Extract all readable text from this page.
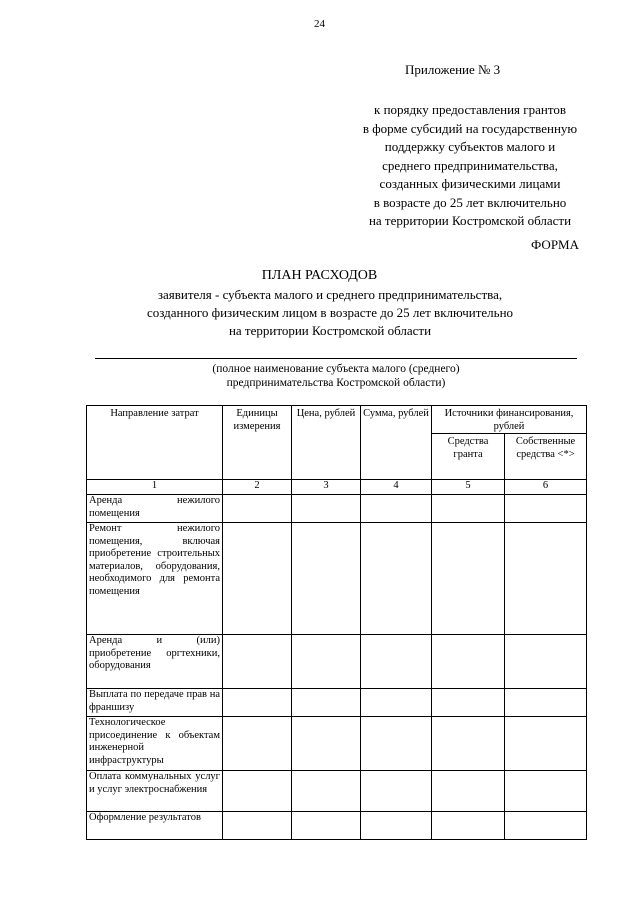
24
Приложение № 3
к порядку предоставления грантов
в форме субсидий на государственную
поддержку субъектов малого и
среднего предпринимательства,
созданных физическими лицами
в возрасте до 25 лет включительно
на территории Костромской области
ФОРМА
ПЛАН РАСХОДОВ
заявителя - субъекта малого и среднего предпринимательства,
созданного физическим лицом в возрасте до 25 лет включительно
на территории Костромской области
(полное наименование субъекта малого (среднего)
предпринимательства Костромской области)
Направление затрат	Единицы измерения	Цена, рублей	Сумма, рублей	Источники финансирования, рублей	
				Средства гранта	Собственные средства <*>
1	2	3	4	5	6
Аренда нежилого помещения					
Ремонт нежилого помещения, включая приобретение строительных материалов, оборудования, необходимого для ремонта помещения					
Аренда и (или) приобретение оргтехники, оборудования					
Выплата по передаче прав на франшизу					
Технологическое присоединение к объектам инженерной инфраструктуры					
Оплата коммунальных услуг и услуг электроснабжения					
Оформление результатов					
